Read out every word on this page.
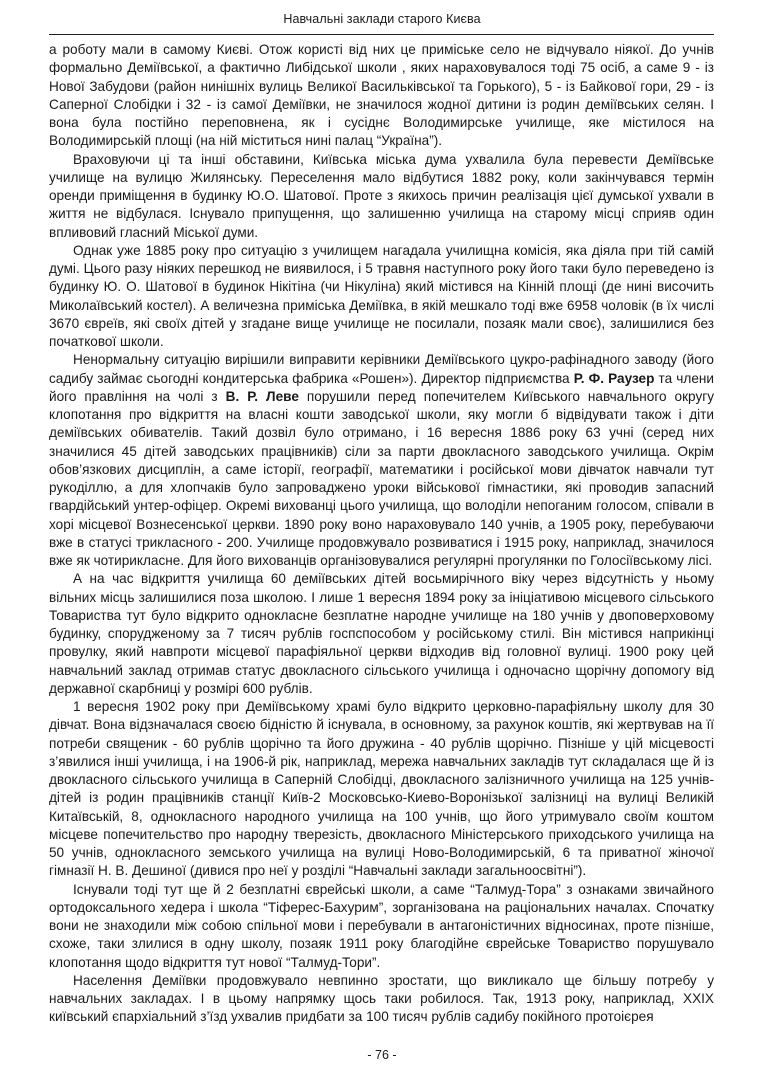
Навчальні заклади старого Києва

а роботу мали в самому Києві. Отож користі від них це приміське село не відчувало ніякої. До учнів формально Деміївської, а фактично Либідської школи , яких нараховувалося тоді 75 осіб, а саме 9 - із Нової Забудови (район нинішніх вулиць Великої Васильківської та Горького), 5 - із Байкової гори, 29 - із Саперної Слобідки і 32 - із самої Деміївки, не значилося жодної дитини із родин деміївських селян. І вона була постійно переповнена, як і сусіднє Володимирське училище, яке містилося на Володимирській площі (на ній міститься нині палац “Україна”).

Враховуючи ці та інші обставини, Київська міська дума ухвалила була перевести Деміївське училище на вулицю Жилянську. Переселення мало відбутися 1882 року, коли закінчувався термін оренди приміщення в будинку Ю.О. Шатової. Проте з якихось причин реалізація цієї думської ухвали в життя не відбулася. Існувало припущення, що залишенню училища на старому місці сприяв один впливовий гласний Міської думи.

Однак уже 1885 року про ситуацію з училищем нагадала училищна комісія, яка діяла при тій самій думі. Цього разу ніяких перешкод не виявилося, і 5 травня наступного року його таки було переведено із будинку Ю. О. Шатової в будинок Нікітіна (чи Нікуліна) який містився на Кінній площі (де нині височить Миколаївський костел). А величезна приміська Деміївка, в якій мешкало тоді вже 6958 чоловік (в їх числі 3670 євреїв, які своїх дітей у згадане вище училище не посилали, позаяк мали своє), залишилися без початкової школи.

Ненормальну ситуацію вирішили виправити керівники Деміївського цукро-рафінадного заводу (його садибу займає сьогодні кондитерська фабрика «Рошен»). Директор підприємства Р. Ф. Раузер та члени його правління на чолі з В. Р. Леве порушили перед попечителем Київського навчального округу клопотання про відкриття на власні кошти заводської школи, яку могли б відвідувати також і діти деміївських обивателів. Такий дозвіл було отримано, і 16 вересня 1886 року 63 учні (серед них значилися 45 дітей заводських працівників) сіли за парти двокласного заводського училища. Окрім обов’язкових дисциплін, а саме історії, географії, математики і російської мови дівчаток навчали тут рукоділлю, а для хлопчаків було запроваджено уроки військової гімнастики, які проводив запасний гвардійський унтер-офіцер. Окремі вихованці цього училища, що володіли непоганим голосом, співали в хорі місцевої Вознесенської церкви. 1890 року воно нараховувало 140 учнів, а 1905 року, перебуваючи вже в статусі трикласного - 200. Училище продовжувало розвиватися і 1915 року, наприклад, значилося вже як чотирикласне. Для його вихованців організовувалися регулярні прогулянки по Голосіївському лісі.

А на час відкриття училища 60 деміївських дітей восьмирічного віку через відсутність у ньому вільних місць залишилися поза школою. І лише 1 вересня 1894 року за ініціативою місцевого сільського Товариства тут було відкрито однокласне безплатне народне училище на 180 учнів у двоповерховому будинку, спорудженому за 7 тисяч рублів госпспособом у російському стилі. Він містився наприкінці провулку, який навпроти місцевої парафіяльної церкви відходив від головної вулиці. 1900 року цей навчальний заклад отримав статус двокласного сільського училища і одночасно щорічну допомогу від державної скарбниці у розмірі 600 рублів.

1 вересня 1902 року при Деміївському храмі було відкрито церковно-парафіяльну школу для 30 дівчат. Вона відзначалася своєю бідністю й існувала, в основному, за рахунок коштів, які жертвував на її потреби священик - 60 рублів щорічно та його дружина - 40 рублів щорічно. Пізніше у цій місцевості з’явилися інші училища, і на 1906-й рік, наприклад, мережа навчальних закладів тут складалася ще й із двокласного сільського училища в Саперній Слобідці, двокласного залізничного училища на 125 учнів-дітей із родин працівників станції Київ-2 Московсько-Киево-Воронізької залізниці на вулиці Великій Китаївській, 8, однокласного народного училища на 100 учнів, що його утримувало своїм коштом місцеве попечительство про народну тверезість, двокласного Міністерського приходського училища на 50 учнів, однокласного земського училища на вулиці Ново-Володимирській, 6 та приватної жіночої гімназії Н. В. Дешиної (дивися про неї у розділі “Навчальні заклади загальноосвітні”).

Існували тоді тут ще й 2 безплатні єврейські школи, а саме “Талмуд-Тора” з ознаками звичайного ортодоксального хедера і школа “Тіферес-Бахурим”, зорганізована на раціональних началах. Спочатку вони не знаходили між собою спільної мови і перебували в антагоністичних відносинах, проте пізніше, схоже, таки злилися в одну школу, позаяк 1911 року благодійне єврейське Товариство порушувало клопотання щодо відкриття тут нової “Талмуд-Тори”.

Населення Деміївки продовжувало невпинно зростати, що викликало ще більшу потребу у навчальних закладах. І в цьому напрямку щось таки робилося. Так, 1913 року, наприклад, XXIX київський єпархіальний з’їзд ухвалив придбати за 100 тисяч рублів садибу покійного протоієрея

- 76 -
